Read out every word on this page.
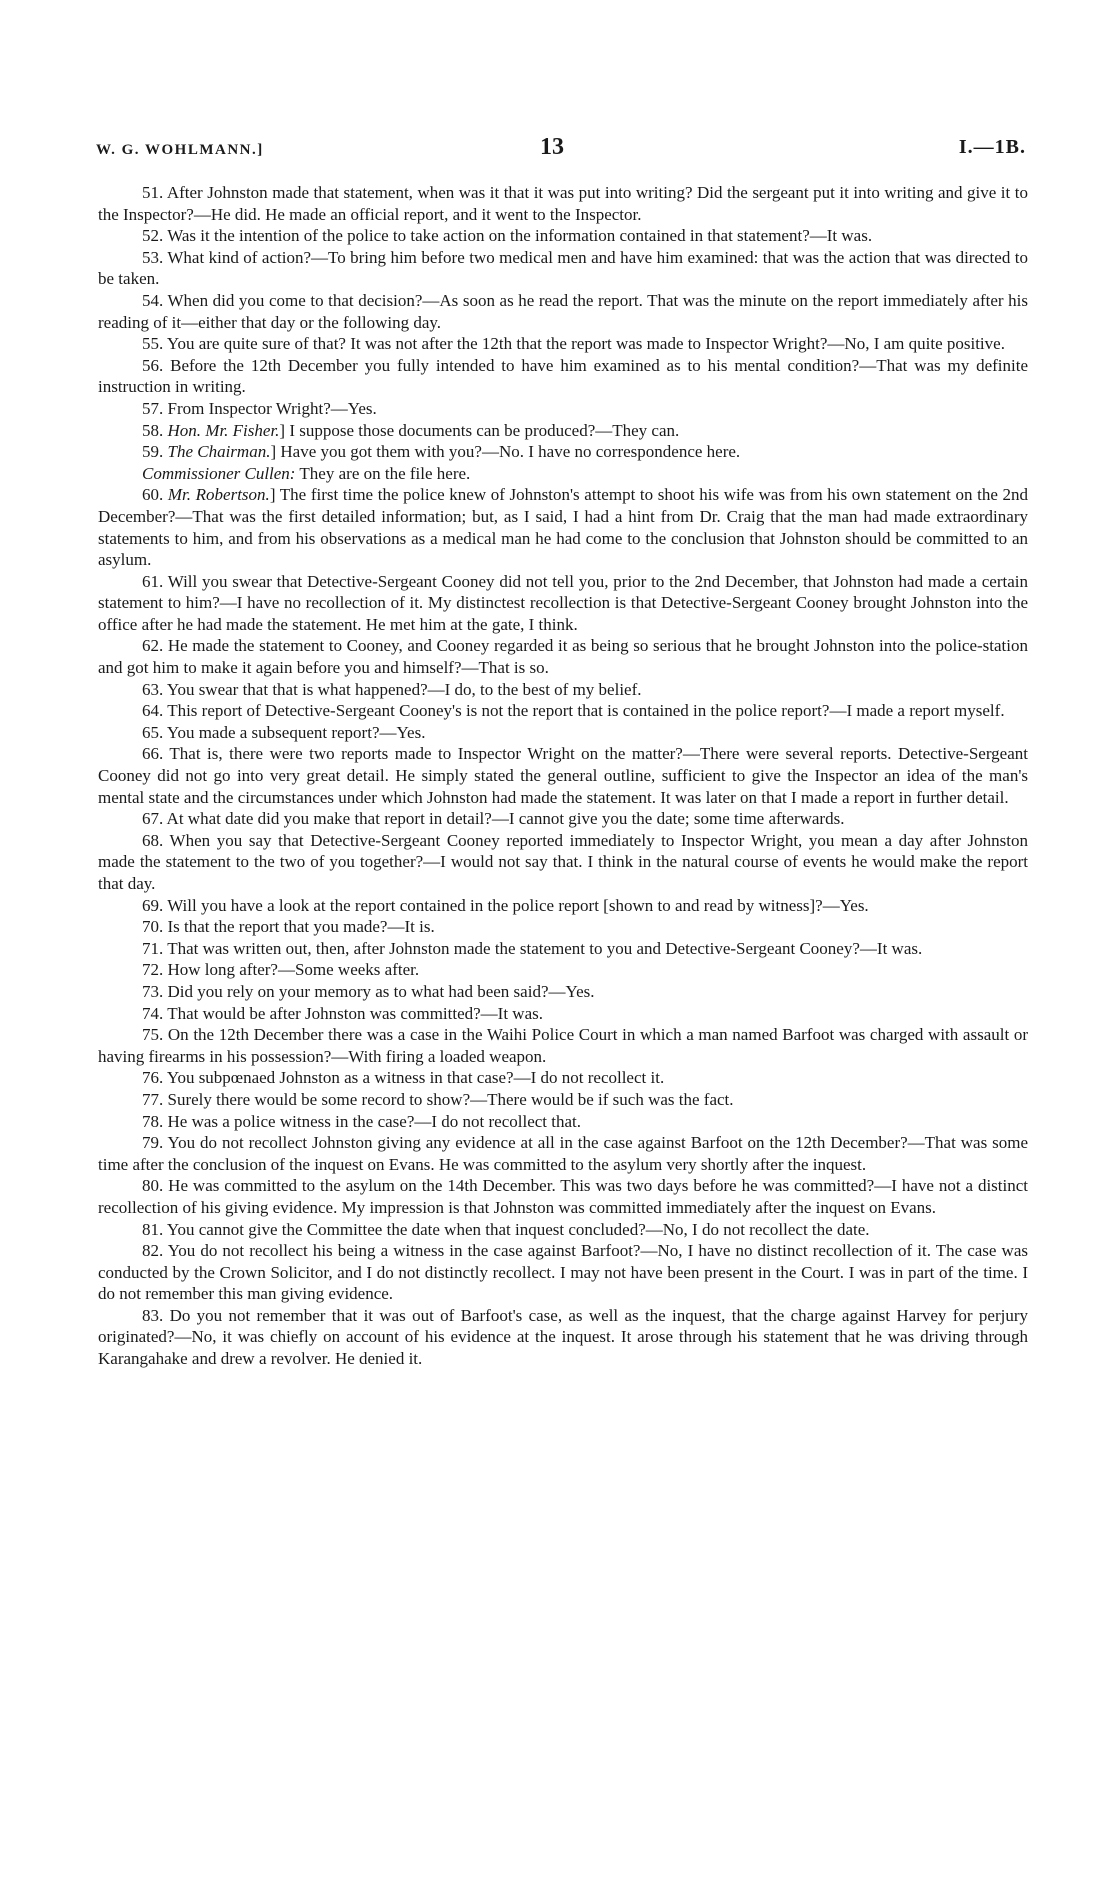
W. G. WOHLMANN.]	13	I.—1B.

51. After Johnston made that statement, when was it that it was put into writing? Did the sergeant put it into writing and give it to the Inspector?—He did. He made an official report, and it went to the Inspector.

52. Was it the intention of the police to take action on the information contained in that statement?—It was.

53. What kind of action?—To bring him before two medical men and have him examined: that was the action that was directed to be taken.

54. When did you come to that decision?—As soon as he read the report. That was the minute on the report immediately after his reading of it—either that day or the following day.

55. You are quite sure of that? It was not after the 12th that the report was made to Inspector Wright?—No, I am quite positive.

56. Before the 12th December you fully intended to have him examined as to his mental condition?—That was my definite instruction in writing.

57. From Inspector Wright?—Yes.

58. Hon. Mr. Fisher.] I suppose those documents can be produced?—They can.

59. The Chairman.] Have you got them with you?—No. I have no correspondence here.

Commissioner Cullen: They are on the file here.

60. Mr. Robertson.] The first time the police knew of Johnston's attempt to shoot his wife was from his own statement on the 2nd December?—That was the first detailed information; but, as I said, I had a hint from Dr. Craig that the man had made extraordinary statements to him, and from his observations as a medical man he had come to the conclusion that Johnston should be committed to an asylum.

61. Will you swear that Detective-Sergeant Cooney did not tell you, prior to the 2nd December, that Johnston had made a certain statement to him?—I have no recollection of it. My distinctest recollection is that Detective-Sergeant Cooney brought Johnston into the office after he had made the statement. He met him at the gate, I think.

62. He made the statement to Cooney, and Cooney regarded it as being so serious that he brought Johnston into the police-station and got him to make it again before you and himself?—That is so.

63. You swear that that is what happened?—I do, to the best of my belief.

64. This report of Detective-Sergeant Cooney's is not the report that is contained in the police report?—I made a report myself.

65. You made a subsequent report?—Yes.

66. That is, there were two reports made to Inspector Wright on the matter?—There were several reports. Detective-Sergeant Cooney did not go into very great detail. He simply stated the general outline, sufficient to give the Inspector an idea of the man's mental state and the circumstances under which Johnston had made the statement. It was later on that I made a report in further detail.

67. At what date did you make that report in detail?—I cannot give you the date; some time afterwards.

68. When you say that Detective-Sergeant Cooney reported immediately to Inspector Wright, you mean a day after Johnston made the statement to the two of you together?—I would not say that. I think in the natural course of events he would make the report that day.

69. Will you have a look at the report contained in the police report [shown to and read by witness]?—Yes.

70. Is that the report that you made?—It is.

71. That was written out, then, after Johnston made the statement to you and Detective-Sergeant Cooney?—It was.

72. How long after?—Some weeks after.

73. Did you rely on your memory as to what had been said?—Yes.

74. That would be after Johnston was committed?—It was.

75. On the 12th December there was a case in the Waihi Police Court in which a man named Barfoot was charged with assault or having firearms in his possession?—With firing a loaded weapon.

76. You subpœnaed Johnston as a witness in that case?—I do not recollect it.

77. Surely there would be some record to show?—There would be if such was the fact.

78. He was a police witness in the case?—I do not recollect that.

79. You do not recollect Johnston giving any evidence at all in the case against Barfoot on the 12th December?—That was some time after the conclusion of the inquest on Evans. He was committed to the asylum very shortly after the inquest.

80. He was committed to the asylum on the 14th December. This was two days before he was committed?—I have not a distinct recollection of his giving evidence. My impression is that Johnston was committed immediately after the inquest on Evans.

81. You cannot give the Committee the date when that inquest concluded?—No, I do not recollect the date.

82. You do not recollect his being a witness in the case against Barfoot?—No, I have no distinct recollection of it. The case was conducted by the Crown Solicitor, and I do not distinctly recollect. I may not have been present in the Court. I was in part of the time. I do not remember this man giving evidence.

83. Do you not remember that it was out of Barfoot's case, as well as the inquest, that the charge against Harvey for perjury originated?—No, it was chiefly on account of his evidence at the inquest. It arose through his statement that he was driving through Karangahake and drew a revolver. He denied it.
